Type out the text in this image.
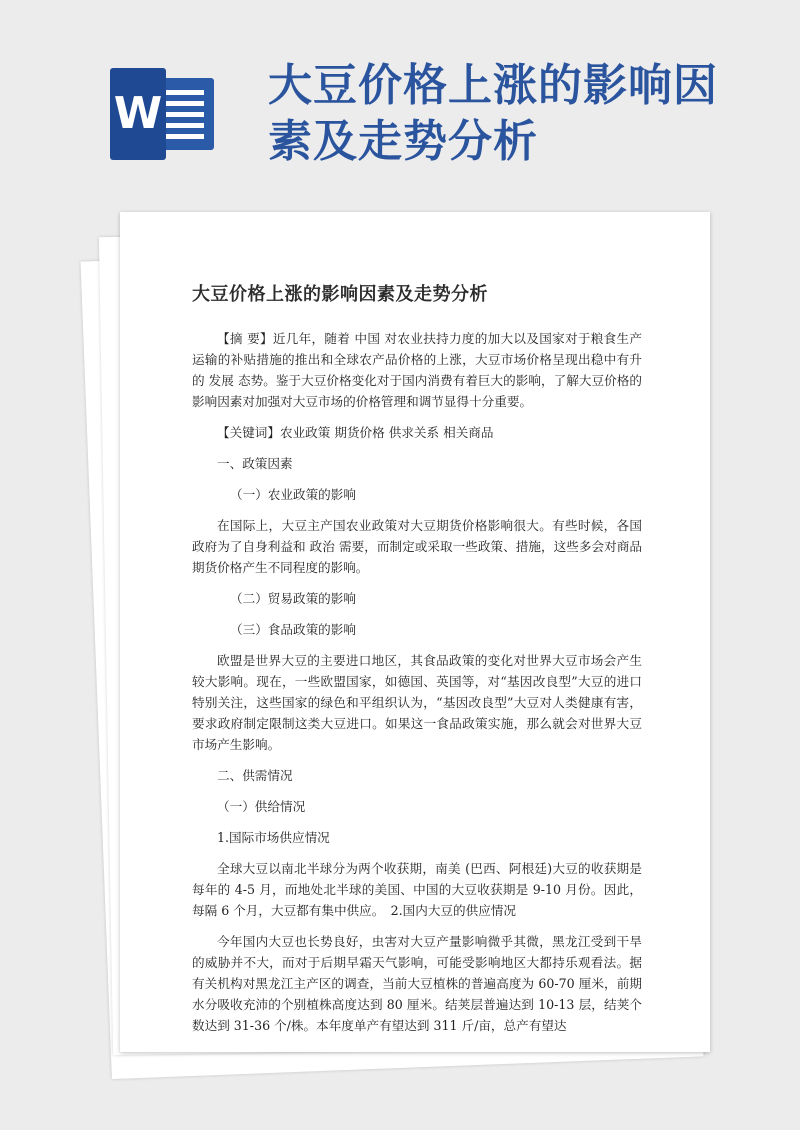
W
大豆价格上涨的影响因素及走势分析
大豆价格上涨的影响因素及走势分析
【摘 要】近几年，随着 中国 对农业扶持力度的加大以及国家对于粮食生产运输的补贴措施的推出和全球农产品价格的上涨，大豆市场价格呈现出稳中有升的 发展 态势。鉴于大豆价格变化对于国内消费有着巨大的影响，了解大豆价格的影响因素对加强对大豆市场的价格管理和调节显得十分重要。
【关键词】农业政策 期货价格 供求关系 相关商品
一、政策因素
（一）农业政策的影响
在国际上，大豆主产国农业政策对大豆期货价格影响很大。有些时候，各国政府为了自身利益和 政治 需要，而制定或采取一些政策、措施，这些多会对商品期货价格产生不同程度的影响。
（二）贸易政策的影响
（三）食品政策的影响
欧盟是世界大豆的主要进口地区，其食品政策的变化对世界大豆市场会产生较大影响。现在，一些欧盟国家，如德国、英国等，对“基因改良型”大豆的进口特别关注，这些国家的绿色和平组织认为，“基因改良型”大豆对人类健康有害，要求政府制定限制这类大豆进口。如果这一食品政策实施，那么就会对世界大豆市场产生影响。
二、供需情况
（一）供给情况
1.国际市场供应情况
全球大豆以南北半球分为两个收获期，南美 (巴西、阿根廷)大豆的收获期是每年的 4-5 月，而地处北半球的美国、中国的大豆收获期是 9-10 月份。因此，每隔 6 个月，大豆都有集中供应。　2.国内大豆的供应情况
今年国内大豆也长势良好，虫害对大豆产量影响微乎其微，黑龙江受到干旱的威胁并不大，而对于后期早霜天气影响，可能受影响地区大都持乐观看法。据有关机构对黑龙江主产区的调查，当前大豆植株的普遍高度为 60-70 厘米，前期水分吸收充沛的个别植株高度达到 80 厘米。结荚层普遍达到 10-13 层，结荚个数达到 31-36 个/株。本年度单产有望达到 311 斤/亩，总产有望达
